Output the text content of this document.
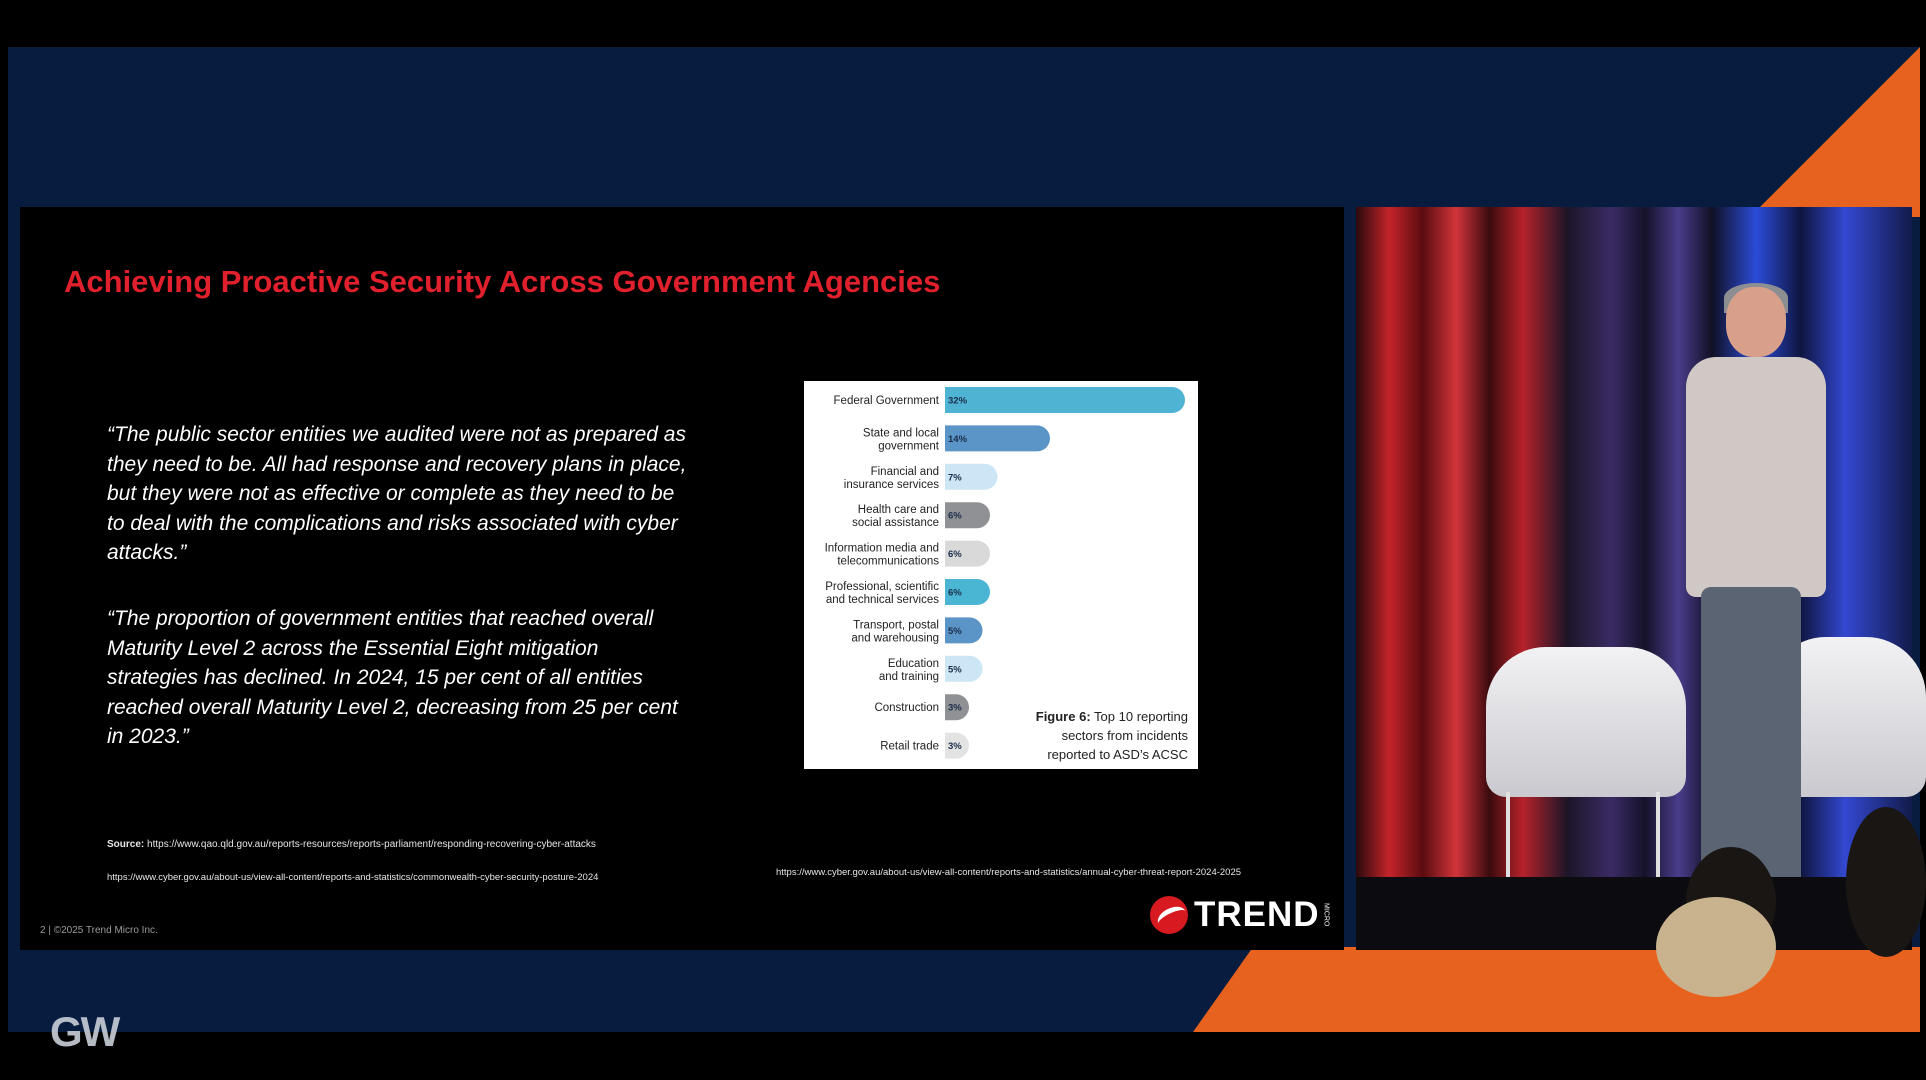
GW
Achieving Proactive Security Across Government Agencies
“The public sector entities we audited were not as prepared as they need to be. All had response and recovery plans in place, but they were not as effective or complete as they need to be to deal with the complications and risks associated with cyber attacks.”
“The proportion of government entities that reached overall Maturity Level 2 across the Essential Eight mitigation strategies has declined. In 2024, 15 per cent of all entities reached overall Maturity Level 2, decreasing from 25 per cent in 2023.”
Federal Government 32%
State and local government
14%
Financial and insurance services
7%
Health care and social assistance
6%
Information media and telecommunications
6%
Professional, scientific and technical services
6%
Transport, postal and warehousing
5%
Education and training
5%
Construction 3%
Retail trade 3%
Figure 6: Top 10 reporting
sectors from incidents
reported to ASD’s ACSC
Source: https://www.qao.qld.gov.au/reports-resources/reports-parliament/responding-recovering-cyber-attacks
https://www.cyber.gov.au/about-us/view-all-content/reports-and-statistics/commonwealth-cyber-security-posture-2024	https://www.cyber.gov.au/about-us/view-all-content/reports-and-statistics/annual-cyber-threat-report-2024-2025
2 | ©2025 Trend Micro Inc.	TREND MICRO
